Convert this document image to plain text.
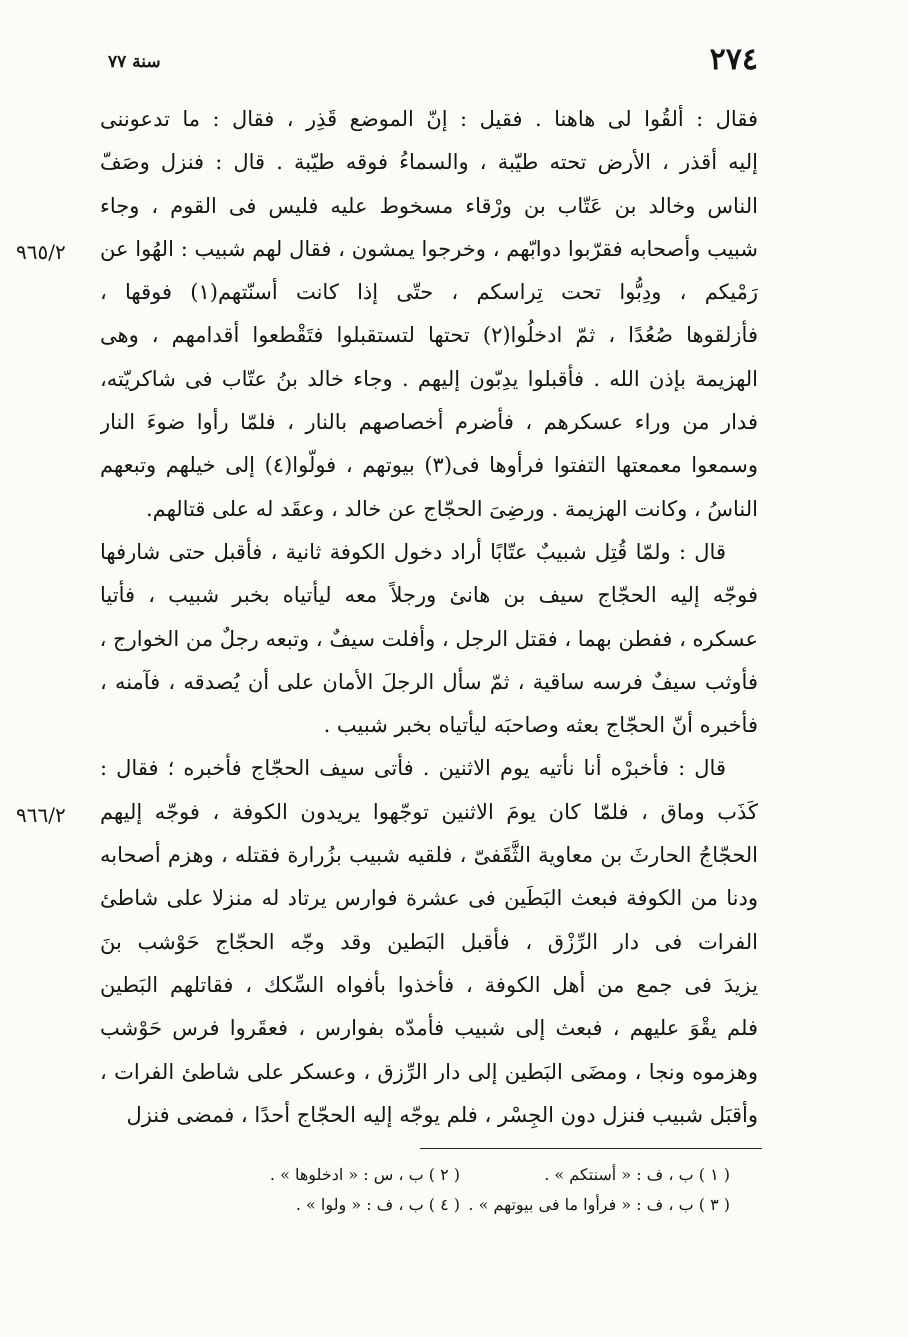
٢٧٤
سنة ٧٧
٩٦٥/٢
٩٦٦/٢
فقال : ألقُوا لى هاهنا . فقيل : إنّ الموضع قَذِر ، فقال : ما تدعوننى
إليه أقذر ، الأرض تحته طيّبة ، والسماءُ فوقه طيّبة . قال : فنزل وصَفّ
الناس وخالد بن عَتّاب بن ورْقاء مسخوط عليه فليس فى القوم ، وجاء
شبيب وأصحابه فقرّبوا دوابّهم ، وخرجوا يمشون ، فقال لهم شبيب : الهُوا عن
رَمْيكم ، ودِبُّوا تحت تِراسكم ، حتّى إذا كانت أسنّتهم(١) فوقها ،
فأزلقوها صُعُدًا ، ثمّ ادخلُوا(٢) تحتها لتستقبلوا فتَقْطعوا أقدامهم ، وهى
الهزيمة بإذن الله . فأقبلوا يدِبّون إليهم . وجاء خالد بنُ عتّاب فى شاكريّته،
فدار من وراء عسكرهم ، فأضرم أخصاصهم بالنار ، فلمّا رأوا ضوءَ النار
وسمعوا معمعتها التفتوا فرأوها فى(٣) بيوتهم ، فولّوا(٤) إلى خيلهم وتبعهم
الناسُ ، وكانت الهزيمة . ورضِىَ الحجّاج عن خالد ، وعقَد له على قتالهم.
قال : ولمّا قُتِل شبيبٌ عتّابًا أراد دخول الكوفة ثانية ، فأقبل حتى شارفها
فوجّه إليه الحجّاج سيف بن هانئ ورجلاً معه ليأتياه بخبر شبيب ، فأتيا
عسكره ، ففطن بهما ، فقتل الرجل ، وأفلت سيفٌ ، وتبعه رجلٌ من الخوارج ،
فأوثب سيفٌ فرسه ساقية ، ثمّ سأل الرجلَ الأمان على أن يُصدقه ، فآمنه ،
فأخبره أنّ الحجّاج بعثه وصاحبَه ليأتياه بخبر شبيب .
قال : فأخبرْه أنا نأتيه يوم الاثنين . فأتى سيف الحجّاج فأخبره ؛ فقال :
كَذَب وماق ، فلمّا كان يومَ الاثنين توجّهوا يريدون الكوفة ، فوجّه إليهم
الحجّاجُ الحارثَ بن معاوية الثَّقَفىّ ، فلقيه شبيب بزُرارة فقتله ، وهزم أصحابه
ودنا من الكوفة فبعث البَطَين فى عشرة فوارس يرتاد له منزلا على شاطئ
الفرات فى دار الرِّزْق ، فأقبل البَطين وقد وجّه الحجّاج حَوْشب بنَ
يزيدَ فى جمع من أهل الكوفة ، فأخذوا بأفواه السِّكك ، فقاتلهم البَطين
فلم يقْوَ عليهم ، فبعث إلى شبيب فأمدّه بفوارس ، فعقَروا فرس حَوْشب
وهزموه ونجا ، ومضَى البَطين إلى دار الرِّزق ، وعسكر على شاطئ الفرات ،
وأقبَل شبيب فنزل دون الجِسْر ، فلم يوجّه إليه الحجّاج أحدًا ، فمضى فنزل
( ١ ) ب ، ف : « أسنتكم » .
( ٢ ) ب ، س : « ادخلوها » .
( ٣ ) ب ، ف : « فرأوا ما فى بيوتهم » .
( ٤ ) ب ، ف : « ولوا » .
